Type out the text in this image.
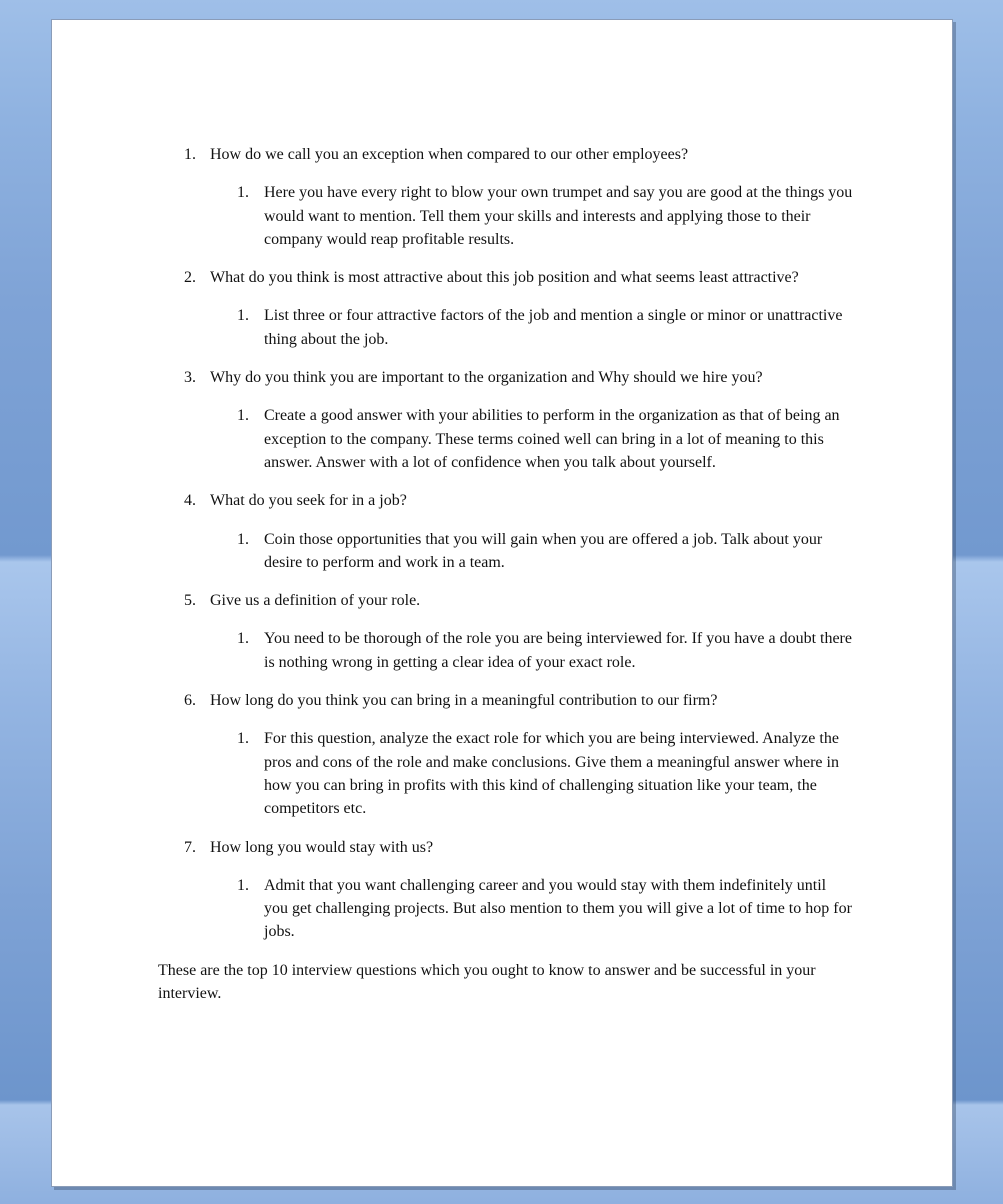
1. How do we call you an exception when compared to our other employees?
1. Here you have every right to blow your own trumpet and say you are good at the things you would want to mention. Tell them your skills and interests and applying those to their company would reap profitable results.
2. What do you think is most attractive about this job position and what seems least attractive?
1. List three or four attractive factors of the job and mention a single or minor or unattractive thing about the job.
3. Why do you think you are important to the organization and Why should we hire you?
1. Create a good answer with your abilities to perform in the organization as that of being an exception to the company. These terms coined well can bring in a lot of meaning to this answer. Answer with a lot of confidence when you talk about yourself.
4. What do you seek for in a job?
1. Coin those opportunities that you will gain when you are offered a job. Talk about your desire to perform and work in a team.
5. Give us a definition of your role.
1. You need to be thorough of the role you are being interviewed for. If you have a doubt there is nothing wrong in getting a clear idea of your exact role.
6. How long do you think you can bring in a meaningful contribution to our firm?
1. For this question, analyze the exact role for which you are being interviewed. Analyze the pros and cons of the role and make conclusions. Give them a meaningful answer where in how you can bring in profits with this kind of challenging situation like your team, the competitors etc.
7. How long you would stay with us?
1. Admit that you want challenging career and you would stay with them indefinitely until you get challenging projects. But also mention to them you will give a lot of time to hop for jobs.
These are the top 10 interview questions which you ought to know to answer and be successful in your interview.
